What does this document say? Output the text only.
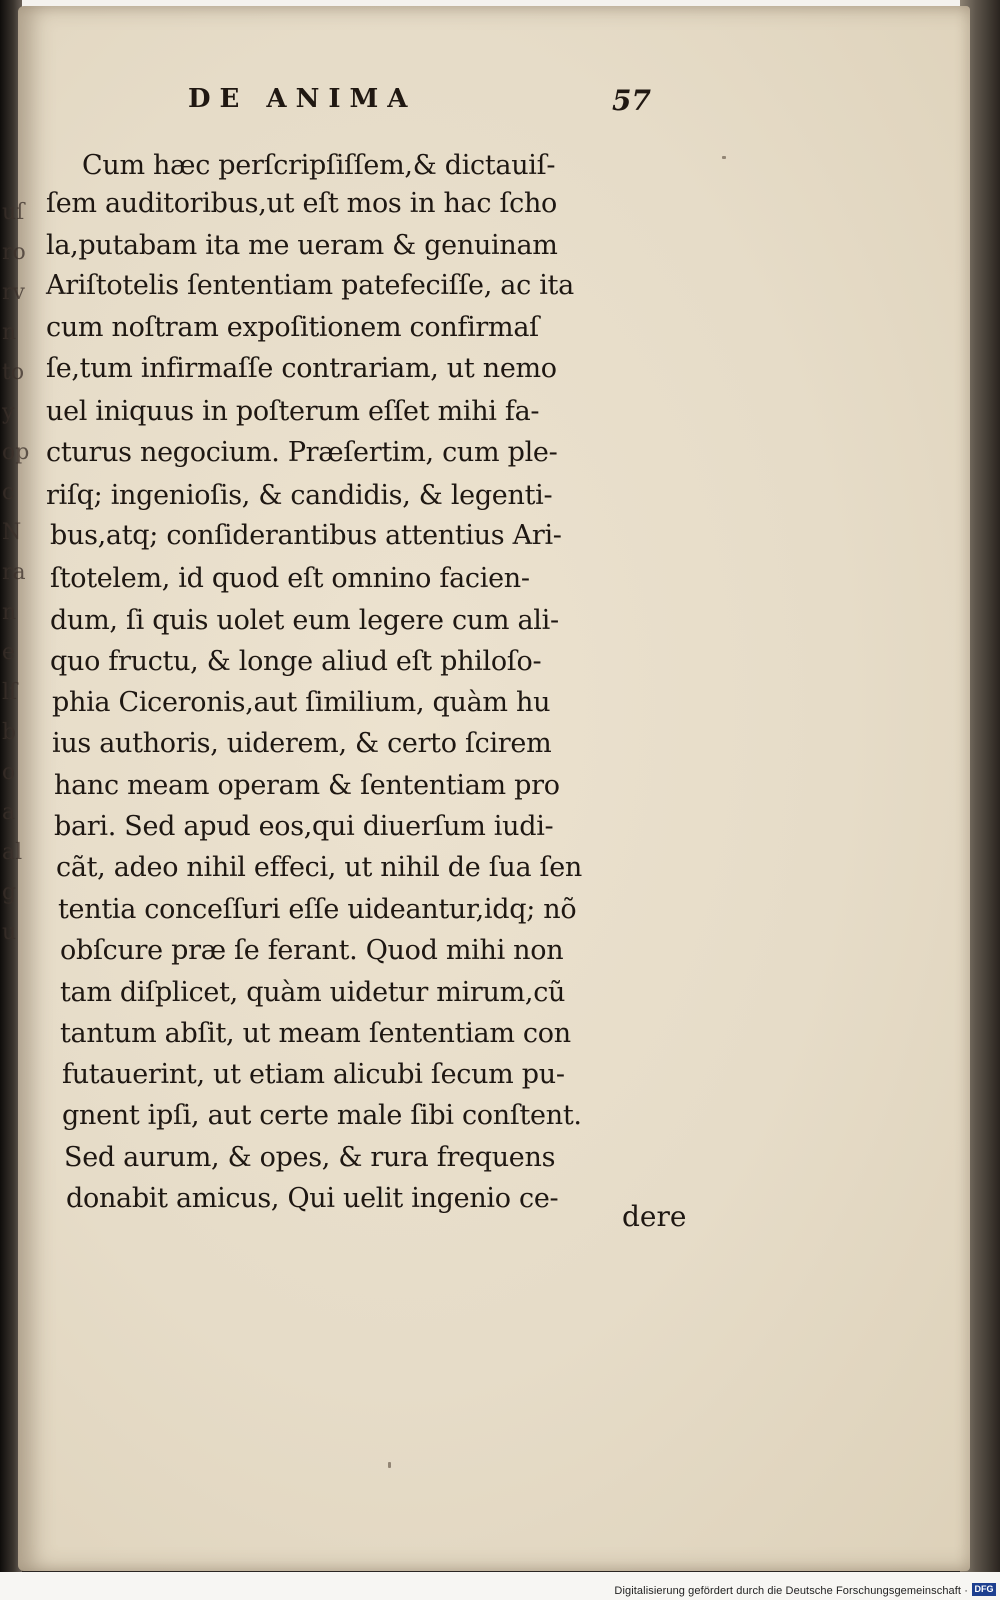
uſ
ro
rv
n
to
y
op
c
N
ra
n
e
lſ
b
o
a
al
g
u
DE ANIMA	57
Cum hæc perſcripſiſſem,& dictauiſ-
ſem auditoribus,ut eſt mos in hac ſcho
la,putabam ita me ueram & genuinam
Ariſtotelis ſententiam patefeciſſe, ac ita
cum noſtram expoſitionem confirmaſ
ſe,tum infirmaſſe contrariam, ut nemo
uel iniquus in poſterum eſſet mihi fa-
cturus negocium. Præſertim, cum ple-
riſq; ingenioſis, & candidis, & legenti-
bus,atq; conſiderantibus attentius Ari-
ſtotelem, id quod eſt omnino facien-
dum, ſi quis uolet eum legere cum ali-
quo fructu, & longe aliud eſt philoſo-
phia Ciceronis,aut ſimilium, quàm hu
ius authoris, uiderem, & certo ſcirem
hanc meam operam & ſententiam pro
bari. Sed apud eos,qui diuerſum iudi-
cãt, adeo nihil effeci, ut nihil de ſua ſen
tentia conceſſuri eſſe uideantur,idq; nõ
obſcure præ ſe ferant. Quod mihi non
tam diſplicet, quàm uidetur mirum,cũ
tantum abſit, ut meam ſententiam con
futauerint, ut etiam alicubi ſecum pu-
gnent ipſi, aut certe male ſibi conſtent.
Sed aurum, & opes, & rura frequens
donabit amicus, Qui uelit ingenio ce-
dere
Digitalisierung gefördert durch die Deutsche Forschungsgemeinschaft · DFG
